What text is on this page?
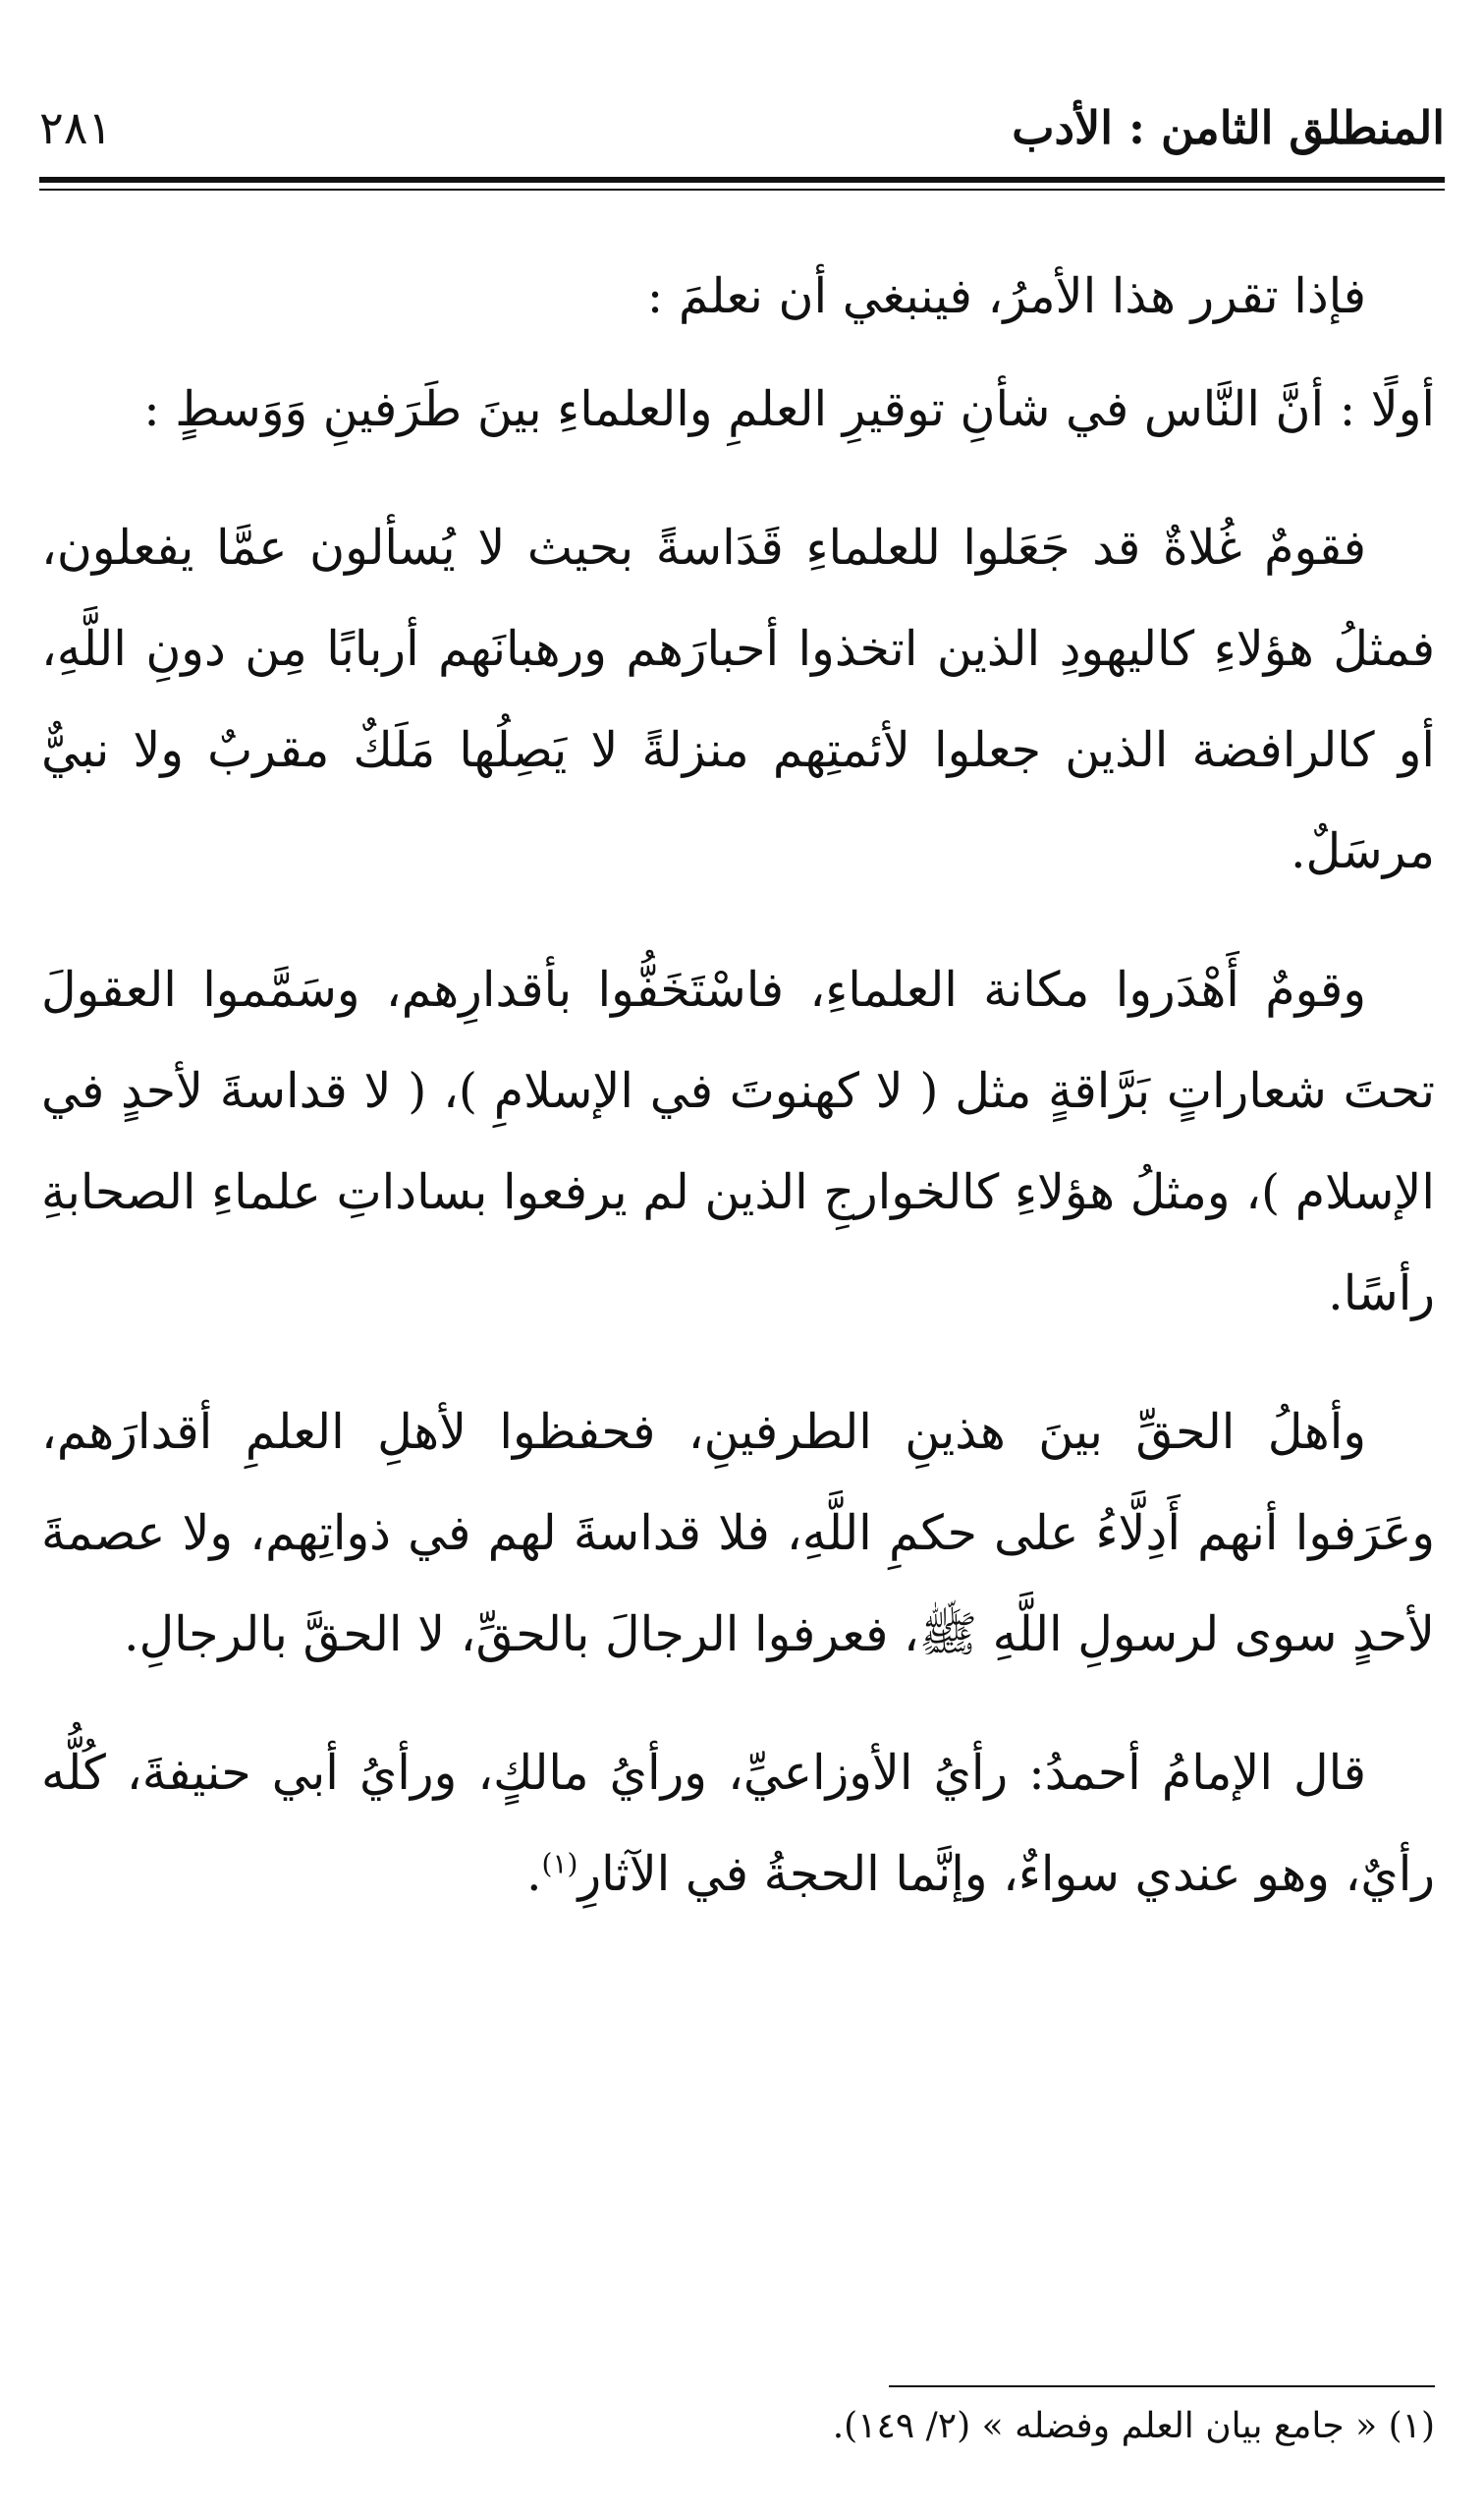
المنطلق الثامن : الأدب
٢٨١

فإذا تقرر هذا الأمرُ، فينبغي أن نعلمَ :

أولًا : أنَّ النَّاس في شأنِ توقيرِ العلمِ والعلماءِ بينَ طَرَفينِ وَوَسطٍ :

فقومٌ غُلاةٌ قد جَعَلوا للعلماءِ قَدَاسةً بحيث لا يُسألون عمَّا يفعلون، فمثلُ هؤلاءِ كاليهودِ الذين اتخذوا أحبارَهم ورهبانَهم أربابًا مِن دونِ اللَّهِ، أو كالرافضة الذين جعلوا لأئمتِهم منزلةً لا يَصِلُها مَلَكٌ مقربٌ ولا نبيٌّ مرسَلٌ.

وقومٌ أَهْدَروا مكانة العلماءِ، فاسْتَخَفُّوا بأقدارِهم، وسَمَّموا العقولَ تحتَ شعاراتٍ بَرَّاقةٍ مثل ( لا كهنوتَ في الإسلامِ )، ( لا قداسةَ لأحدٍ في الإسلام )، ومثلُ هؤلاءِ كالخوارجِ الذين لم يرفعوا بساداتِ علماءِ الصحابةِ رأسًا.

وأهلُ الحقِّ بينَ هذينِ الطرفينِ، فحفظوا لأهلِ العلمِ أقدارَهم، وعَرَفوا أنهم أَدِلَّاءُ على حكمِ اللَّهِ، فلا قداسةَ لهم في ذواتِهم، ولا عصمةَ لأحدٍ سوى لرسولِ اللَّهِ ﷺ، فعرفوا الرجالَ بالحقِّ، لا الحقَّ بالرجالِ.

قال الإمامُ أحمدُ: رأيُ الأوزاعيِّ، ورأيُ مالكٍ، ورأيُ أبي حنيفةَ، كُلُّه رأيٌ، وهو عندي سواءٌ، وإنَّما الحجةُ في الآثارِ$^{(١)}$.

(١) « جامع بيان العلم وفضله » (٢/ ١٤٩).
